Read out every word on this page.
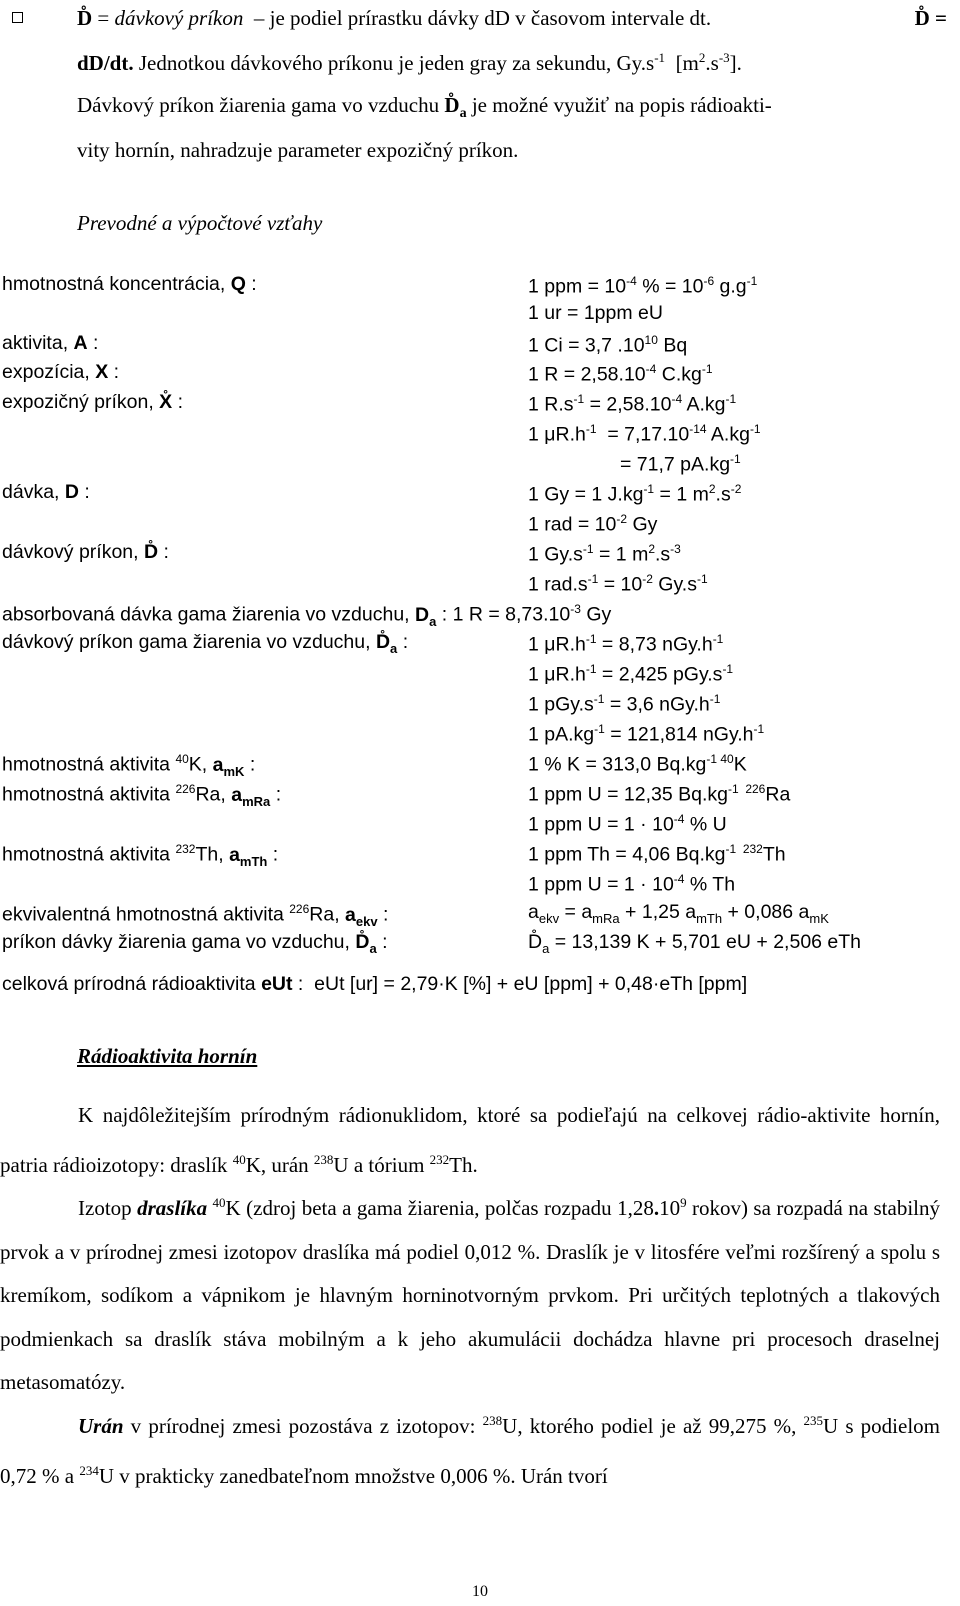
D̊ = dávkový príkon  – je podiel prírastku dávky dD v časovom intervale dt.	D̊ =
dD/dt. Jednotkou dávkového príkonu je jeden gray za sekundu, $Gy.s^{-1}$  $[m^2.s^{-3}]$.
Dávkový príkon žiarenia gama vo vzduchu $D̊_a$ je možné využiť na popis rádioakti-
vity hornín, nahradzuje parameter expozičný príkon.
Prevodné a výpočtové vzťahy
hmotnostná koncentrácia, Q :	1 ppm = $10^{-4}$ % = $10^{-6}$ $g.g^{-1}$
1 ur = 1ppm eU
aktivita, A :	1 Ci = 3,7 $.10^{10}$ Bq
expozícia, X :	1 $R = 2,58.10^{-4}$ $C.kg^{-1}$
expozičný príkon, X̊ :	1 $R.s^{-1} = 2,58.10^{-4}$ $A.kg^{-1}$
1 $\mu R.h^{-1} = 7,17.10^{-14}$ $A.kg^{-1}$
= 71,7 $pA.kg^{-1}$
dávka, D :	1 Gy = 1 $J.kg^{-1} = 1$ $m^2.s^{-2}$
1 rad = $10^{-2}$ Gy
dávkový príkon, D̊ :	1 $Gy.s^{-1} = 1$ $m^2.s^{-3}$
1 $rad.s^{-1} = 10^{-2}$ $Gy.s^{-1}$
absorbovaná dávka gama žiarenia vo vzduchu, $D_a$ : 1 $R = 8,73.10^{-3}$ Gy
dávkový príkon gama žiarenia vo vzduchu, $D̊_a$ :	1 $\mu R.h^{-1} = 8,73$ $nGy.h^{-1}$
1 $\mu R.h^{-1} = 2,425$ $pGy.s^{-1}$
1 $pGy.s^{-1} = 3,6$ $nGy.h^{-1}$
1 $pA.kg^{-1} = 121,814$ $nGy.h^{-1}$
hmotnostná aktivita $^{40}$K, $a_{mK}$ :	1 % K = 313,0 $Bq.kg^{-1 40}K$
hmotnostná aktivita $^{226}$Ra, $a_{mRa}$ :	1 ppm U = 12,35 $Bq.kg^{-1 226}Ra$
1 ppm $U = 1 \cdot 10^{-4}$ % U
hmotnostná aktivita $^{232}$Th, $a_{mTh}$ :	1 ppm Th = 4,06 $Bq.kg^{-1 232}Th$
1 ppm $U = 1 \cdot 10^{-4}$ % Th
ekvivalentná hmotnostná aktivita $^{226}$Ra, $a_{ekv}$ :	$a_{ekv} = a_{mRa} + 1,25$ $a_{mTh} + 0,086$ $a_{mK}$
príkon dávky žiarenia gama vo vzduchu, $D̊_a$ :	$D̊_a = 13,139$ K + 5,701 eU + 2,506 eTh
celková prírodná rádioaktivita eUt :  eUt [ur] = 2,79·K [%] + eU [ppm] + 0,48·eTh [ppm]
Rádioaktivita hornín
K najdôležitejším prírodným rádionuklidom, ktoré sa podieľajú na celkovej rádio-aktivite hornín, patria rádioizotopy: draslík $^{40}$K, urán $^{238}$U a tórium $^{232}$Th.
Izotop draslíka $^{40}$K (zdroj beta a gama žiarenia, polčas rozpadu 1,28.10$^9$ rokov) sa rozpadá na stabilný prvok a v prírodnej zmesi izotopov draslíka má podiel 0,012 %. Draslík je v litosfére veľmi rozšírený a spolu s kremíkom, sodíkom a vápnikom je hlavným horninotvorným prvkom. Pri určitých teplotných a tlakových podmienkach sa draslík stáva mobilným a k jeho akumulácii dochádza hlavne pri procesoch draselnej metasomatózy.
Urán v prírodnej zmesi pozostáva z izotopov: $^{238}$U, ktorého podiel je až 99,275 %, $^{235}$U s podielom 0,72 % a $^{234}$U v prakticky zanedbateľnom množstve 0,006 %. Urán tvorí
10
